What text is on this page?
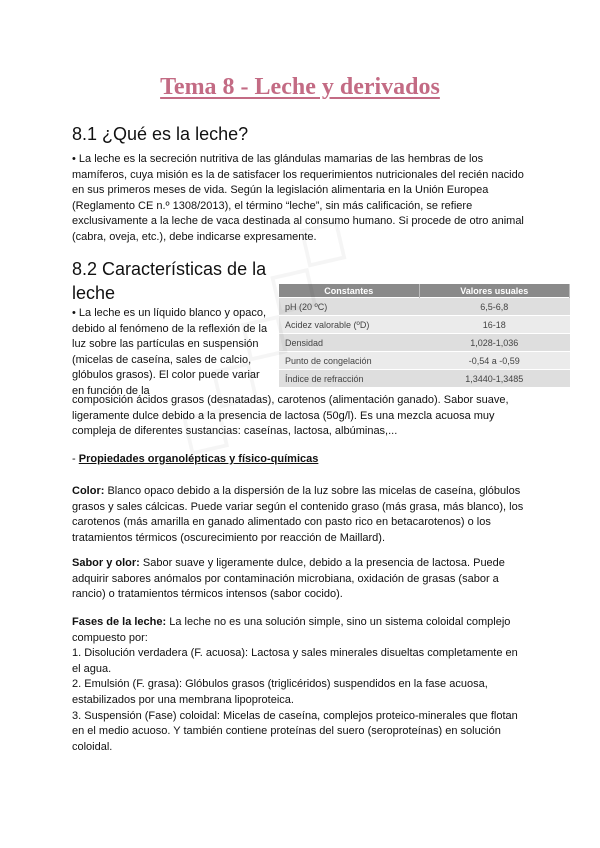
Tema 8 - Leche y derivados
8.1 ¿Qué es la leche?

• La leche es la secreción nutritiva de las glándulas mamarias de las hembras de los mamíferos, cuya misión es la de satisfacer los requerimientos nutricionales del recién nacido en sus primeros meses de vida. Según la legislación alimentaria en la Unión Europea (Reglamento CE n.º 1308/2013), el término “leche”, sin más calificación, se refiere exclusivamente a la leche de vaca destinada al consumo humano. Si procede de otro animal (cabra, oveja, etc.), debe indicarse expresamente.

8.2 Características de la leche

• La leche es un líquido blanco y opaco, debido al fenómeno de la reflexión de la luz sobre las partículas en suspensión (micelas de caseína, sales de calcio, glóbulos grasos). El color puede variar en función de la

Constantes	Valores usuales
pH (20 ºC)	6,5-6,8
Acidez valorable (ºD)	16-18
Densidad	1,028-1,036
Punto de congelación	-0,54 a -0,59
Índice de refracción	1,3440-1,3485

composición ácidos grasos (desnatadas), carotenos (alimentación ganado). Sabor suave, ligeramente dulce debido a la presencia de lactosa (50g/l). Es una mezcla acuosa muy compleja de diferentes sustancias: caseínas, lactosa, albúminas,...

- Propiedades organolépticas y físico-químicas

Color: Blanco opaco debido a la dispersión de la luz sobre las micelas de caseína, glóbulos grasos y sales cálcicas. Puede variar según el contenido graso (más grasa, más blanco), los carotenos (más amarilla en ganado alimentado con pasto rico en betacarotenos) o los tratamientos térmicos (oscurecimiento por reacción de Maillard).

Sabor y olor: Sabor suave y ligeramente dulce, debido a la presencia de lactosa. Puede adquirir sabores anómalos por contaminación microbiana, oxidación de grasas (sabor a rancio) o tratamientos térmicos intensos (sabor cocido).

Fases de la leche: La leche no es una solución simple, sino un sistema coloidal complejo compuesto por:
1. Disolución verdadera (F. acuosa): Lactosa y sales minerales disueltas completamente en el agua.
2. Emulsión (F. grasa): Glóbulos grasos (triglicéridos) suspendidos en la fase acuosa, estabilizados por una membrana lipoproteica.
3. Suspensión (Fase) coloidal: Micelas de caseína, complejos proteico-minerales que flotan en el medio acuoso. Y también contiene proteínas del suero (seroproteínas) en solución coloidal.
